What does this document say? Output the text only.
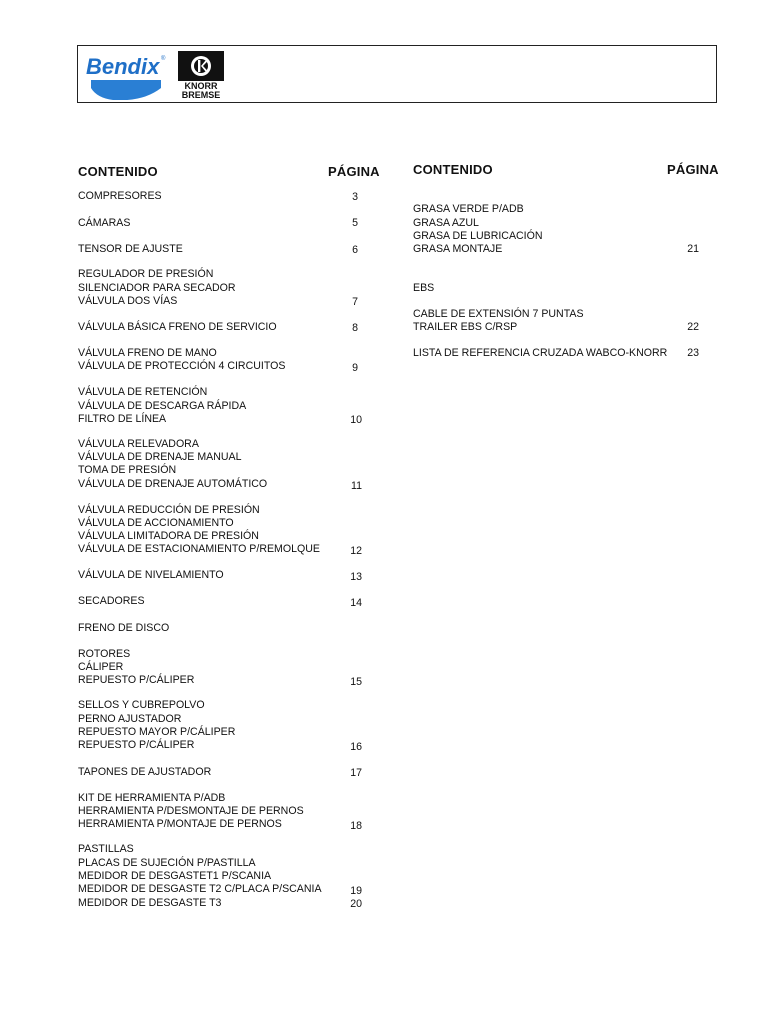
Bendix ®
KNORR
BREMSE
CONTENIDO	PÁGINA
COMPRESORES
CÁMARAS
TENSOR DE AJUSTE
REGULADOR DE PRESIÓN
SILENCIADOR PARA SECADOR
VÁLVULA DOS VÍAS
VÁLVULA BÁSICA FRENO DE SERVICIO
VÁLVULA FRENO DE MANO
VÁLVULA DE PROTECCIÓN 4 CIRCUITOS
VÁLVULA DE RETENCIÓN
VÁLVULA DE DESCARGA RÁPIDA
FILTRO DE LÍNEA
VÁLVULA RELEVADORA
VÁLVULA DE DRENAJE MANUAL
TOMA DE PRESIÓN
VÁLVULA DE DRENAJE AUTOMÁTICO
VÁLVULA REDUCCIÓN DE PRESIÓN
VÁLVULA DE ACCIONAMIENTO
VÁLVULA LIMITADORA DE PRESIÓN
VÁLVULA DE ESTACIONAMIENTO P/REMOLQUE
VÁLVULA DE NIVELAMIENTO
SECADORES
FRENO DE DISCO
ROTORES
CÁLIPER
REPUESTO P/CÁLIPER
SELLOS Y CUBREPOLVO
PERNO AJUSTADOR
REPUESTO MAYOR P/CÁLIPER
REPUESTO P/CÁLIPER
TAPONES DE AJUSTADOR
KIT DE HERRAMIENTA P/ADB
HERRAMIENTA P/DESMONTAJE DE PERNOS
HERRAMIENTA P/MONTAJE DE PERNOS
PASTILLAS
PLACAS DE SUJECIÓN P/PASTILLA
MEDIDOR DE DESGASTET1 P/SCANIA
MEDIDOR DE DESGASTE T2 C/PLACA P/SCANIA
MEDIDOR DE DESGASTE T3
3
5
6
7
8
9
10
11
12
13
14
15
16
17
18
19
20
CONTENIDO	PÁGINA
GRASA VERDE P/ADB
GRASA AZUL
GRASA DE LUBRICACIÓN
GRASA MONTAJE
EBS
CABLE DE EXTENSIÓN 7 PUNTAS
TRAILER EBS C/RSP
LISTA DE REFERENCIA CRUZADA WABCO-KNORR
21
22
23
